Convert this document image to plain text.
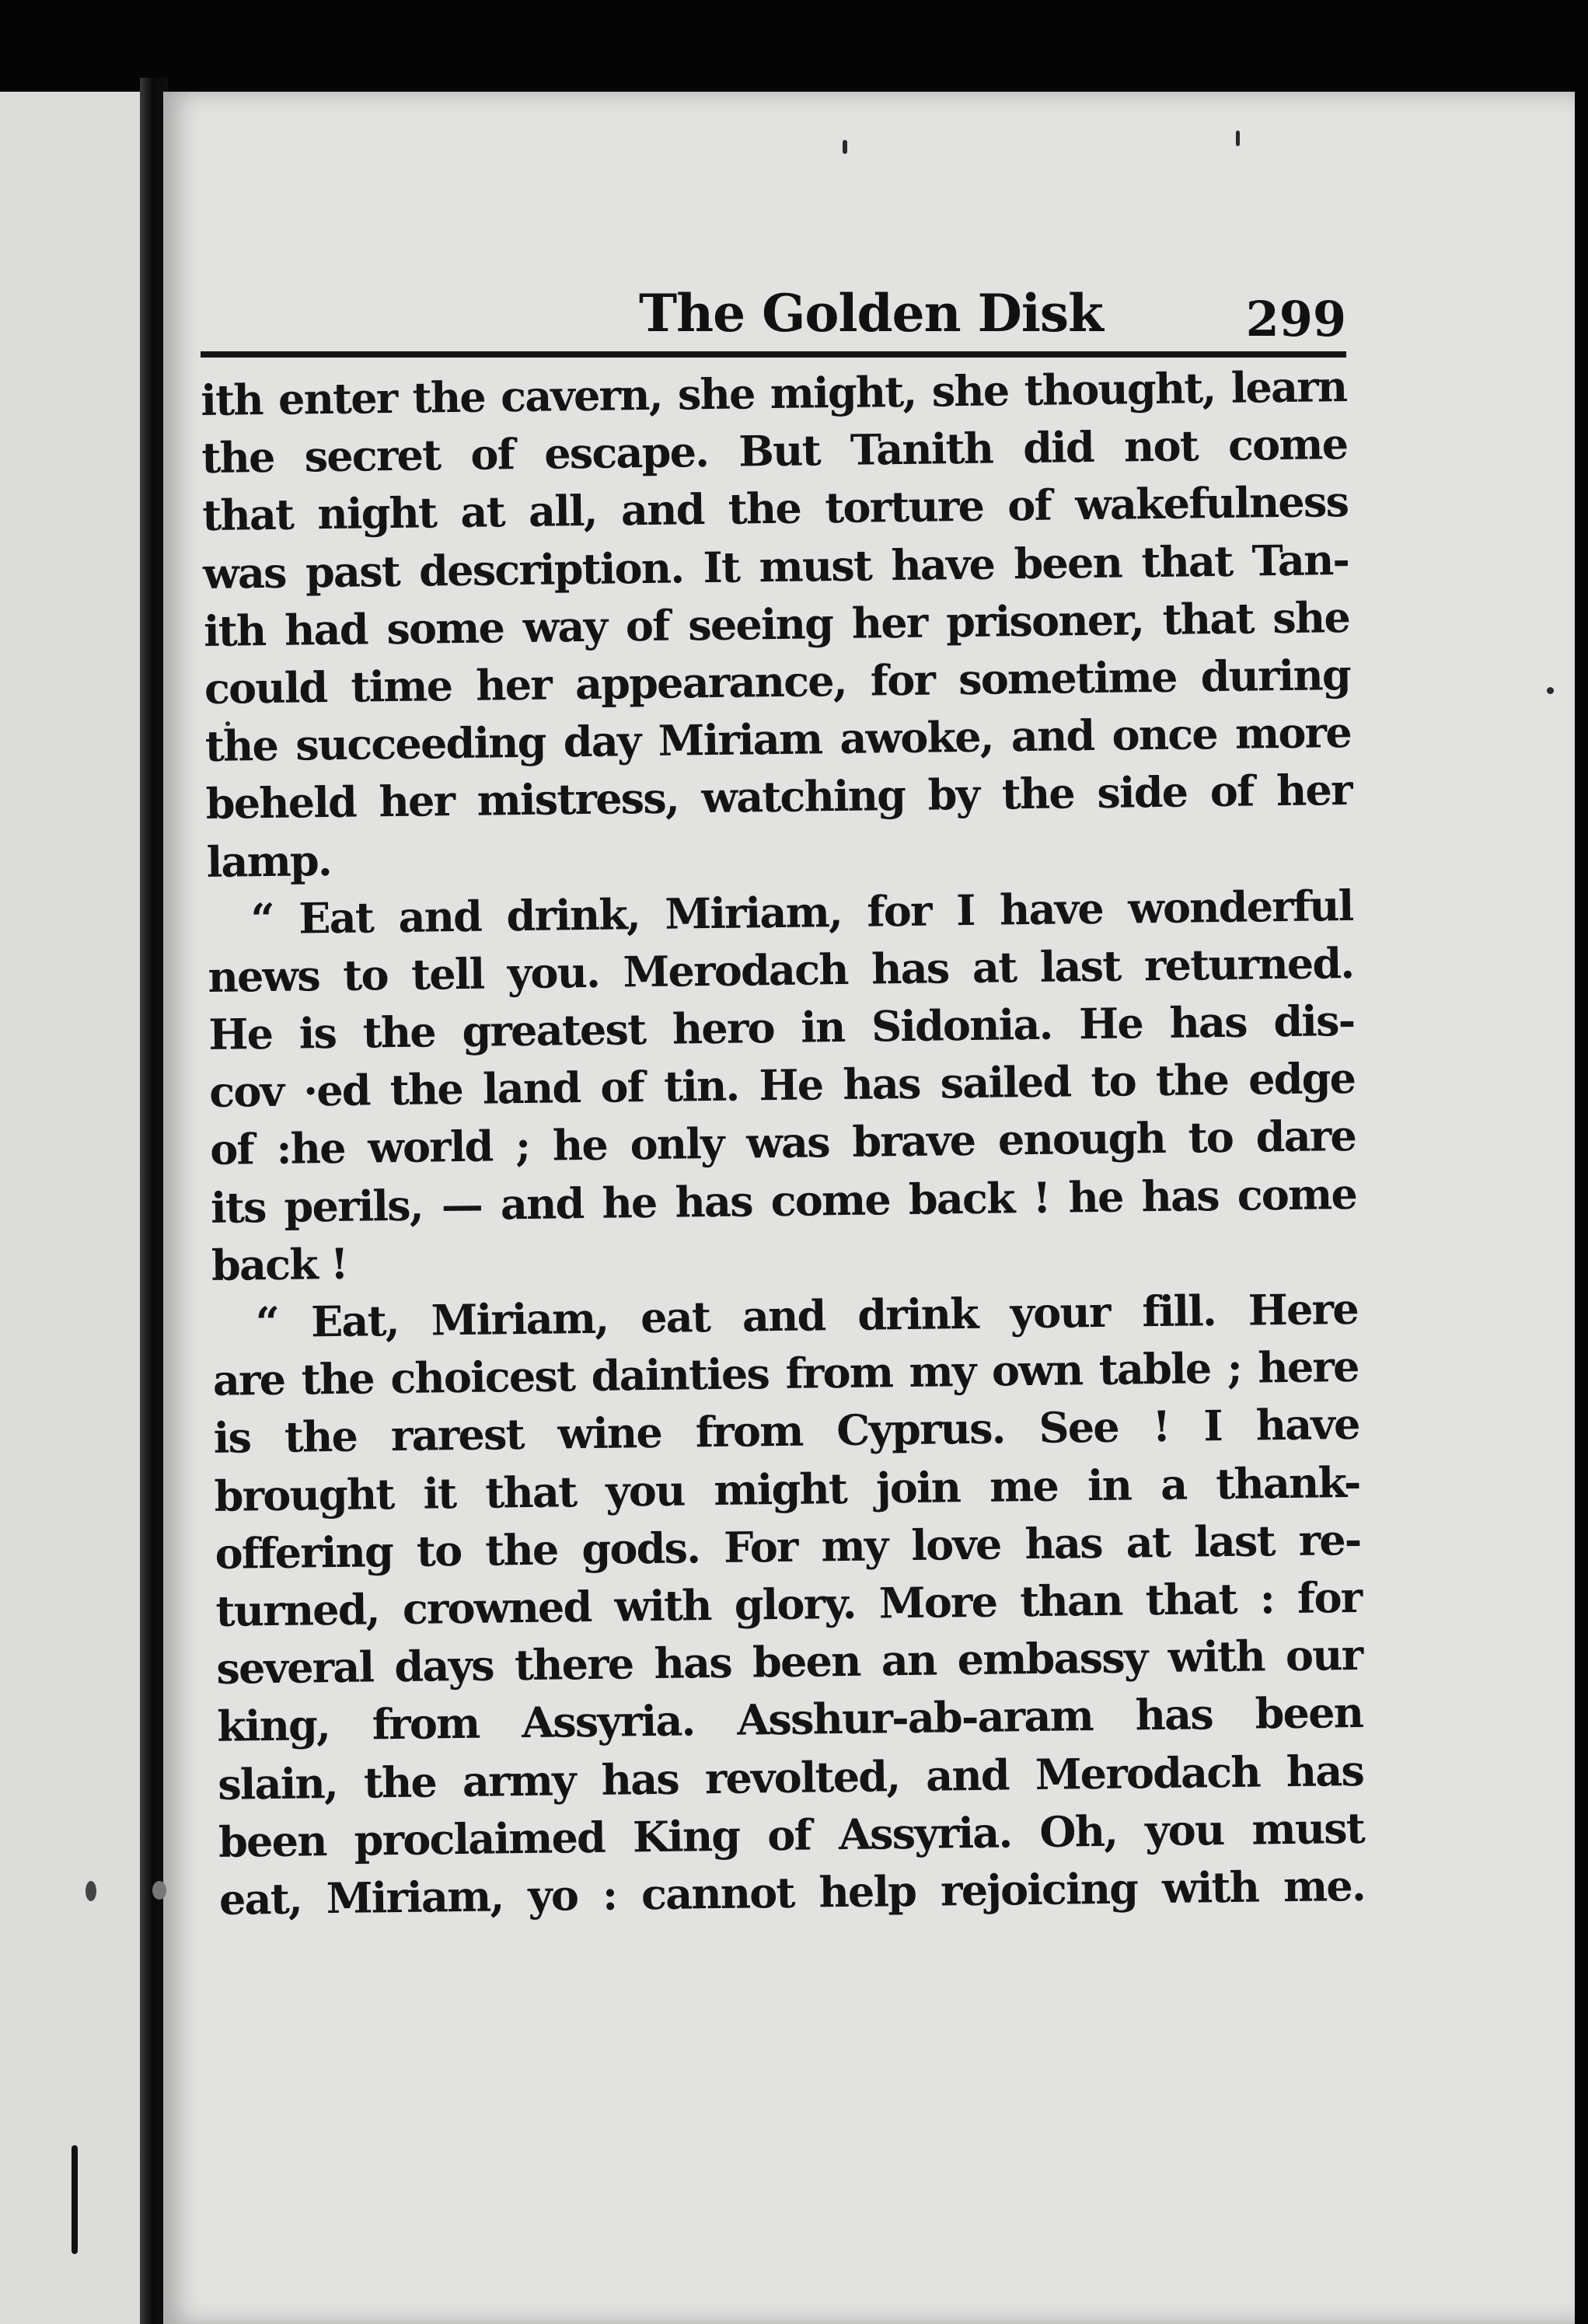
The Golden Disk	299
ith enter the cavern, she might, she thought, learn
the secret of escape. But Tanith did not come
that night at all, and the torture of wakefulness
was past description. It must have been that Tan-
ith had some way of seeing her prisoner, that she
could time her appearance, for sometime during
the succeeding day Miriam awoke, and once more
beheld her mistress, watching by the side of her
lamp.
“ Eat and drink, Miriam, for I have wonderful
news to tell you. Merodach has at last returned.
He is the greatest hero in Sidonia. He has dis-
cov ·ed the land of tin. He has sailed to the edge
of :he world ; he only was brave enough to dare
its perils, — and he has come back ! he has come
back !
“ Eat, Miriam, eat and drink your fill. Here
are the choicest dainties from my own table ; here
is the rarest wine from Cyprus. See ! I have
brought it that you might join me in a thank-
offering to the gods. For my love has at last re-
turned, crowned with glory. More than that : for
several days there has been an embassy with our
king, from Assyria. Asshur-ab-aram has been
slain, the army has revolted, and Merodach has
been proclaimed King of Assyria. Oh, you must
eat, Miriam, yo : cannot help rejoicing with me.
